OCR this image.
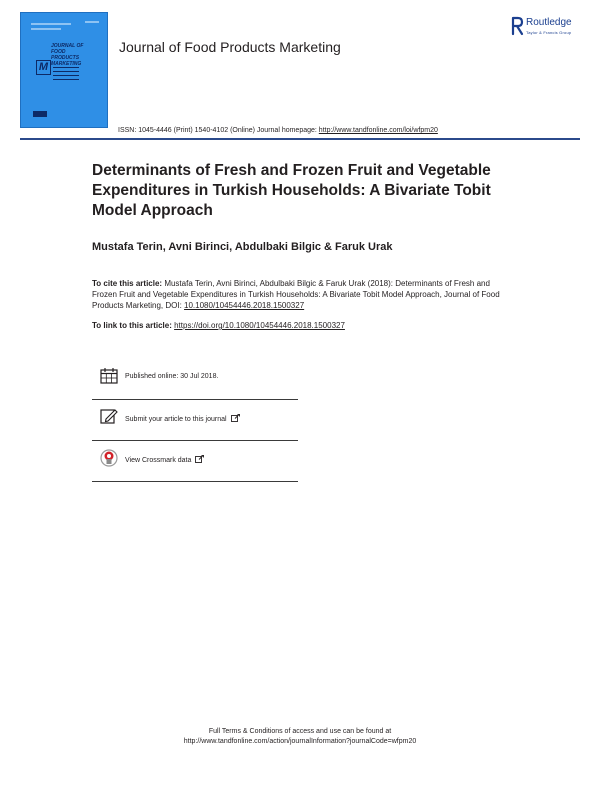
JOURNAL OF
FOOD
PRODUCTS
MARKETING
M
Journal of Food Products Marketing
Routledge
Taylor & Francis Group
ISSN: 1045-4446 (Print) 1540-4102 (Online) Journal homepage: http://www.tandfonline.com/loi/wfpm20
Determinants of Fresh and Frozen Fruit and Vegetable Expenditures in Turkish Households: A Bivariate Tobit Model Approach
Mustafa Terin, Avni Birinci, Abdulbaki Bilgic & Faruk Urak
To cite this article: Mustafa Terin, Avni Birinci, Abdulbaki Bilgic & Faruk Urak (2018): Determinants of Fresh and Frozen Fruit and Vegetable Expenditures in Turkish Households: A Bivariate Tobit Model Approach, Journal of Food Products Marketing, DOI: 10.1080/10454446.2018.1500327
To link to this article: https://doi.org/10.1080/10454446.2018.1500327
Published online: 30 Jul 2018.
Submit your article to this journal
View Crossmark data
Full Terms & Conditions of access and use can be found at
http://www.tandfonline.com/action/journalInformation?journalCode=wfpm20
